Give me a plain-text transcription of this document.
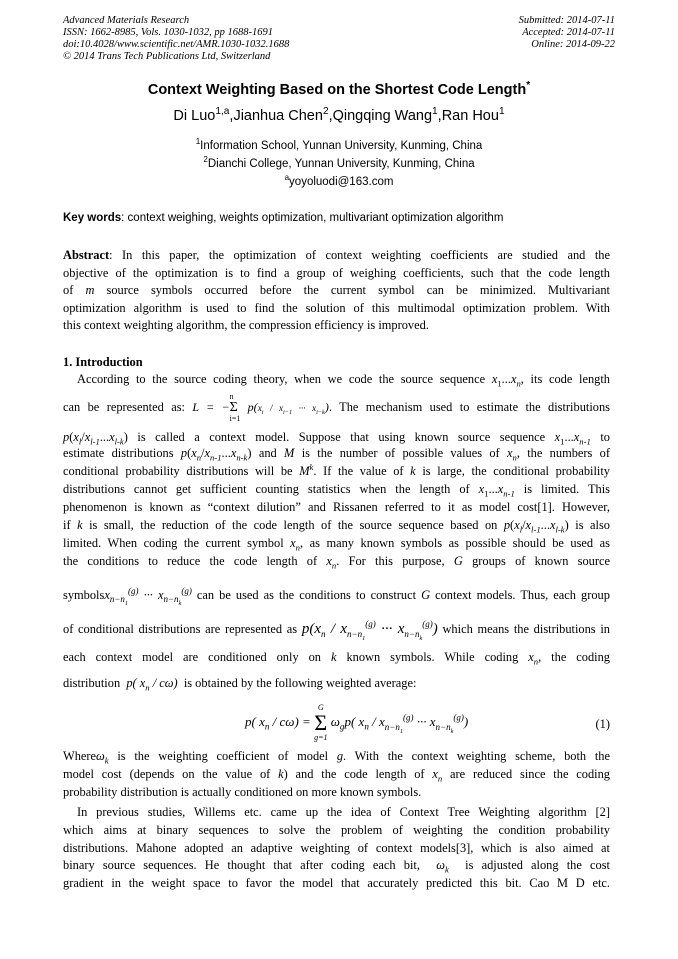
Advanced Materials Research
ISSN: 1662-8985, Vols. 1030-1032, pp 1688-1691
doi:10.4028/www.scientific.net/AMR.1030-1032.1688
© 2014 Trans Tech Publications Ltd, Switzerland
Submitted: 2014-07-11
Accepted: 2014-07-11
Online: 2014-09-22
Context Weighting Based on the Shortest Code Length*
Di Luo$^{1,a}$,Jianhua Chen$^2$,Qingqing Wang$^1$,Ran Hou$^1$
$^1$Information School, Yunnan University, Kunming, China
$^2$Dianchi College, Yunnan University, Kunming, China
$^a$yoyoluodi@163.com
Key words: context weighing, weights optimization, multivariant optimization algorithm
Abstract: In this paper, the optimization of context weighting coefficients are studied and the
objective of the optimization is to find a group of weighing coefficients, such that the code length
of m source symbols occurred before the current symbol can be minimized. Multivariant
optimization algorithm is used to find the solution of this multimodal optimization problem. With
this context weighting algorithm, the compression efficiency is improved.
1. Introduction
According to the source coding theory, when we code the source sequence $x_1...x_n$, its code length
can be represented as: L = −
n
Σ
i=1
$p(x_i / x_{i-1}$ ··· $x_{i-k}$). The mechanism used to estimate the distributions
$p(x_l/x_{l-1}...x_{l-k})$ is called a context model. Suppose that using known source sequence $x_1...x_{n-1}$ to
estimate distributions $p(x_n/x_{n-1}...x_{n-k})$ and M is the number of possible values of $x_n$, the numbers of
conditional probability distributions will be $M^k$. If the value of k is large, the conditional probability
distributions cannot get sufficient counting statistics when the length of $x_1...x_{n-1}$ is limited. This
phenomenon is known as “context dilution” and Rissanen referred to it as model cost[1]. However,
if k is small, the reduction of the code length of the source sequence based on $p(x_l/x_{l-1}...x_{l-k})$ is also
limited. When coding the current symbol $x_n$, as many known symbols as possible should be used as
the conditions to reduce the code length of $x_n$. For this purpose, G groups of known source
symbolsx$_{n-n_1}^{(g)}$ ··· $x_{n-n_k}^{(g)}$ can be used as the conditions to construct G context models. Thus, each group
of conditional distributions are represented as $p(x_n / x_{n-n_1}^{(g)}$ ··· $x_{n-n_k}^{(g)}$) which means the distributions in
each context model are conditioned only on k known symbols. While coding $x_n$, the coding
distribution p( $x_n / c\omega$) is obtained by the following weighted average:
p( $x_n / c\omega$) =
G
Σ
g=1
$\omega_gp$( $x_n / x_{n-n_1}^{(g)}$ ··· $x_{n-n_k}^{(g)}$)	(1)
Whereω$_k$ is the weighting coefficient of model g. With the context weighting scheme, both the
model cost (depends on the value of k) and the code length of $x_n$ are reduced since the coding
probability distribution is actually conditioned on more known symbols.
In previous studies, Willems etc. came up the idea of Context Tree Weighting algorithm [2]
which aims at binary sequences to solve the problem of weighting the condition probability
distributions. Mahone adopted an adaptive weighting of context models[3], which is also aimed at
binary source sequences. He thought that after coding each bit, $\omega_k$ is adjusted along the cost
gradient in the weight space to favor the model that accurately predicted this bit. Cao M D etc.
